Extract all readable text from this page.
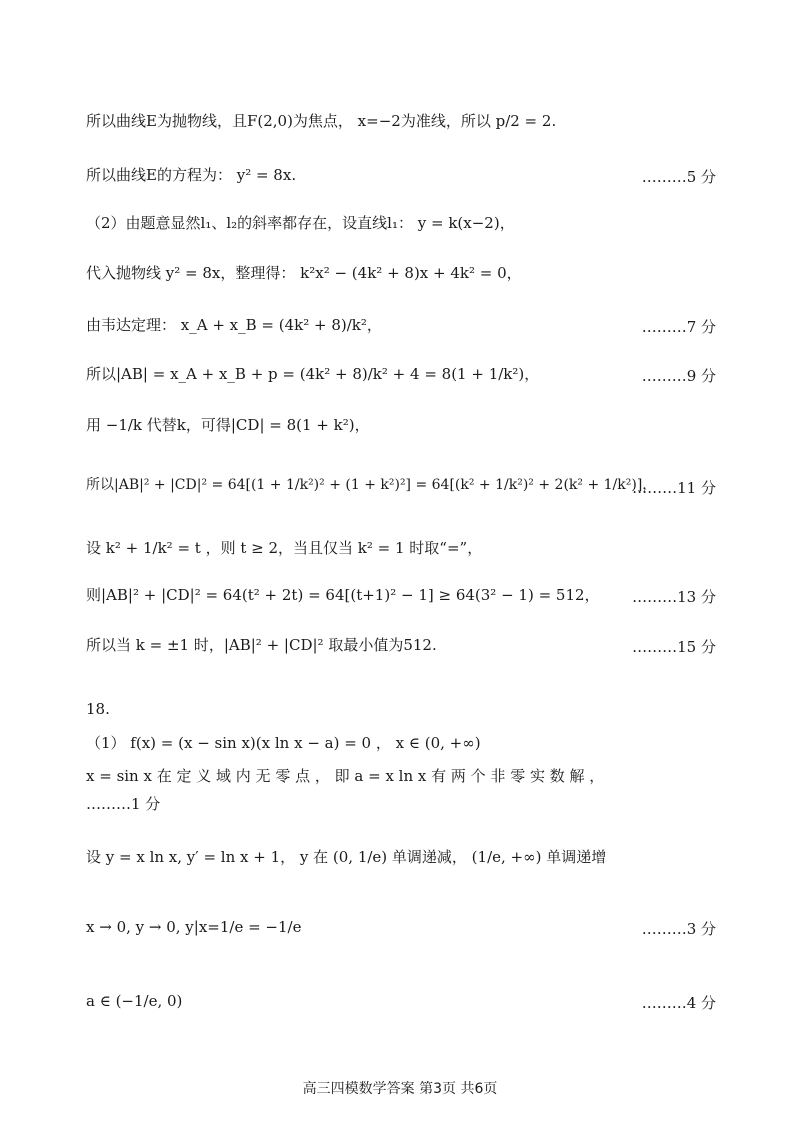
所以曲线E为抛物线，且F(2,0)为焦点， x=−2为准线，所以 p/2 = 2.
所以曲线E的方程为： y² = 8x.	………5 分
（2）由题意显然l₁、l₂的斜率都存在，设直线l₁： y = k(x−2)，
代入抛物线 y² = 8x，整理得： k²x² − (4k² + 8)x + 4k² = 0，
由韦达定理： x_A + x_B = (4k² + 8)/k²，	………7 分
所以|AB| = x_A + x_B + p = (4k² + 8)/k² + 4 = 8(1 + 1/k²)，	………9 分
用 −1/k 代替k，可得|CD| = 8(1 + k²)，
所以|AB|² + |CD|² = 64[(1 + 1/k²)² + (1 + k²)²] = 64[(k² + 1/k²)² + 2(k² + 1/k²)]，
………11 分
设 k² + 1/k² = t ，则 t ≥ 2，当且仅当 k² = 1 时取“=”，
则|AB|² + |CD|² = 64(t² + 2t) = 64[(t+1)² − 1] ≥ 64(3² − 1) = 512， ………13 分
所以当 k = ±1 时，|AB|² + |CD|² 取最小值为512.	………15 分
18.
（1） f(x) = (x − sin x)(x ln x − a) = 0 ， x ∈ (0, +∞)
x = sin x 在 定 义 域 内 无 零 点 ， 即 a = x ln x 有 两 个 非 零 实 数 解 ，
………1 分
设 y = x ln x, y′ = ln x + 1， y 在 (0, 1/e) 单调递减， (1/e, +∞) 单调递增
x → 0, y → 0, y|x=1/e = −1/e	………3 分
a ∈ (−1/e, 0)	………4 分
高三四模数学答案 第3页 共6页
